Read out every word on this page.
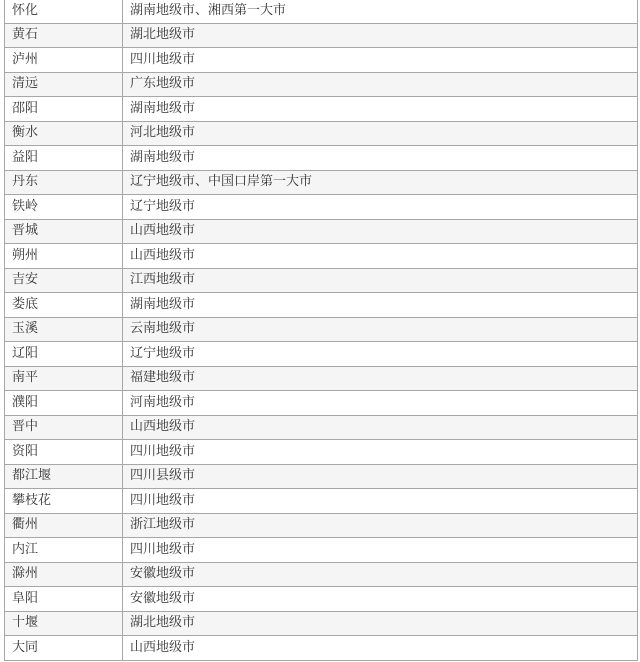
怀化	湖南地级市、湘西第一大市
黄石	湖北地级市
泸州	四川地级市
清远	广东地级市
邵阳	湖南地级市
衡水	河北地级市
益阳	湖南地级市
丹东	辽宁地级市、中国口岸第一大市
铁岭	辽宁地级市
晋城	山西地级市
朔州	山西地级市
吉安	江西地级市
娄底	湖南地级市
玉溪	云南地级市
辽阳	辽宁地级市
南平	福建地级市
濮阳	河南地级市
晋中	山西地级市
资阳	四川地级市
都江堰	四川县级市
攀枝花	四川地级市
衢州	浙江地级市
内江	四川地级市
滁州	安徽地级市
阜阳	安徽地级市
十堰	湖北地级市
大同	山西地级市
